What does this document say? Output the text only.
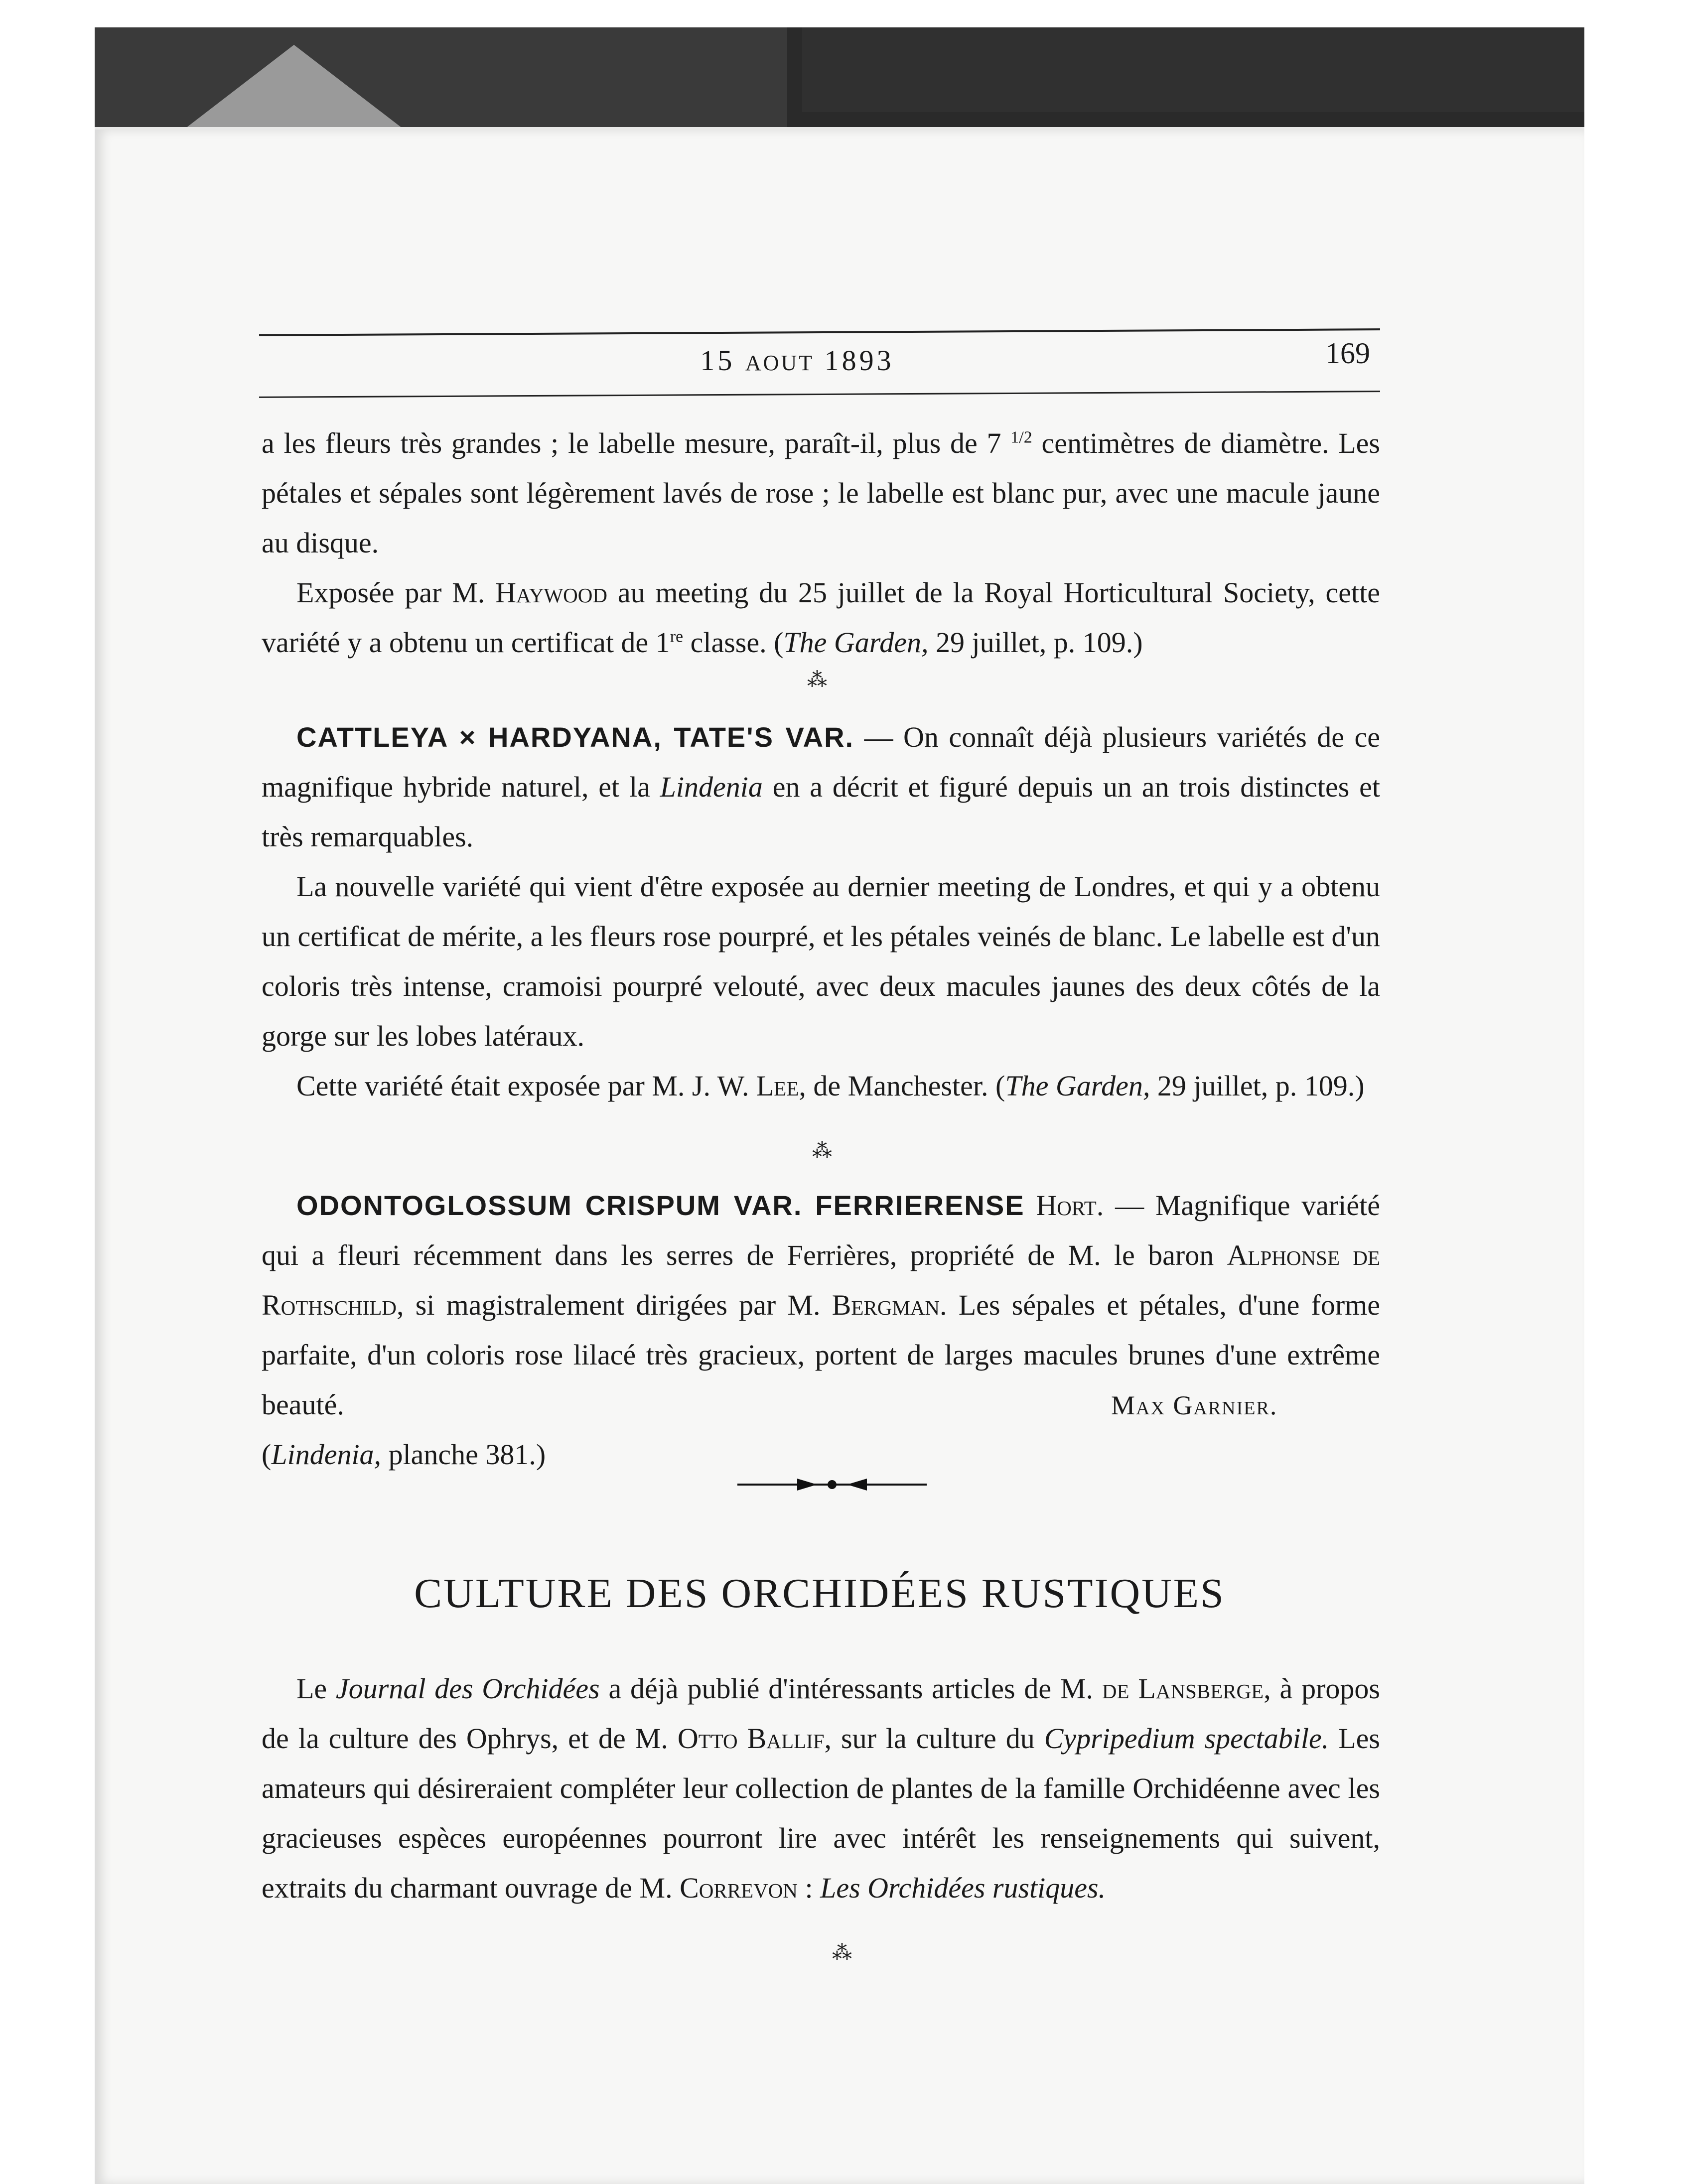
15 AOUT 1893	169
a les fleurs très grandes ; le labelle mesure, paraît-il, plus de 7 $^{1/2}$ centimètres de diamètre. Les pétales et sépales sont légèrement lavés de rose ; le labelle est blanc pur, avec une macule jaune au disque.
Exposée par M. Haywood au meeting du 25 juillet de la Royal Horticultural Society, cette variété y a obtenu un certificat de 1re classe. (The Garden, 29 juillet, p. 109.)
⁂
CATTLEYA × HARDYANA, TATE'S VAR. — On connaît déjà plusieurs variétés de ce magnifique hybride naturel, et la Lindenia en a décrit et figuré depuis un an trois distinctes et très remarquables.
La nouvelle variété qui vient d'être exposée au dernier meeting de Londres, et qui y a obtenu un certificat de mérite, a les fleurs rose pourpré, et les pétales veinés de blanc. Le labelle est d'un coloris très intense, cramoisi pourpré velouté, avec deux macules jaunes des deux côtés de la gorge sur les lobes latéraux.
Cette variété était exposée par M. J. W. Lee, de Manchester. (The Garden, 29 juillet, p. 109.)
⁂
ODONTOGLOSSUM CRISPUM VAR. FERRIERENSE Hort. — Magnifique variété qui a fleuri récemment dans les serres de Ferrières, propriété de M. le baron Alphonse de Rothschild, si magistralement dirigées par M. Bergman. Les sépales et pétales, d'une forme parfaite, d'un coloris rose lilacé très gracieux, portent de larges macules brunes d'une extrême beauté.
(Lindenia, planche 381.)
Max Garnier.
CULTURE DES ORCHIDÉES RUSTIQUES
Le Journal des Orchidées a déjà publié d'intéressants articles de M. de Lansberge, à propos de la culture des Ophrys, et de M. Otto Ballif, sur la culture du Cypripedium spectabile. Les amateurs qui désireraient compléter leur collection de plantes de la famille Orchidéenne avec les gracieuses espèces européennes pourront lire avec intérêt les renseignements qui suivent, extraits du charmant ouvrage de M. Correvon : Les Orchidées rustiques.
⁂
